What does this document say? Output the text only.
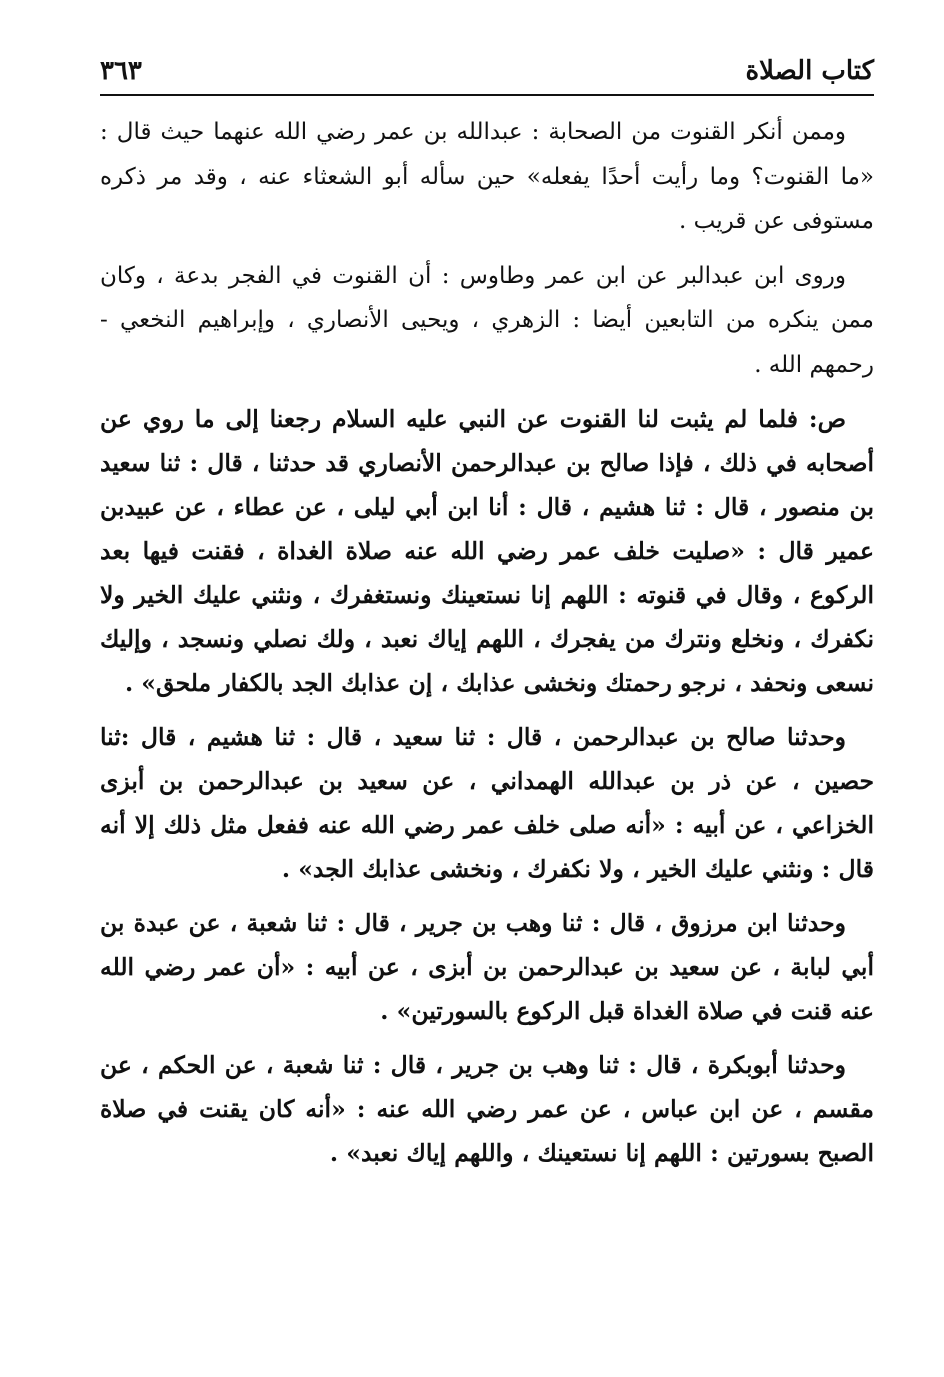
كتاب الصلاة
٣٦٣

وممن أنكر القنوت من الصحابة : عبدالله بن عمر رضي الله عنهما حيث قال : «ما القنوت؟ وما رأيت أحدًا يفعله» حين سأله أبو الشعثاء عنه ، وقد مر ذكره مستوفى عن قريب .

وروى ابن عبدالبر عن ابن عمر وطاوس : أن القنوت في الفجر بدعة ، وكان ممن ينكره من التابعين أيضا : الزهري ، ويحيى الأنصاري ، وإبراهيم النخعي - رحمهم الله .

ص: فلما لم يثبت لنا القنوت عن النبي عليه السلام رجعنا إلى ما روي عن أصحابه في ذلك ، فإذا صالح بن عبدالرحمن الأنصاري قد حدثنا ، قال : ثنا سعيد بن منصور ، قال : ثنا هشيم ، قال : أنا ابن أبي ليلى ، عن عطاء ، عن عبيدبن عمير قال : «صليت خلف عمر رضي الله عنه صلاة الغداة ، فقنت فيها بعد الركوع ، وقال في قنوته : اللهم إنا نستعينك ونستغفرك ، ونثني عليك الخير ولا نكفرك ، ونخلع ونترك من يفجرك ، اللهم إياك نعبد ، ولك نصلي ونسجد ، وإليك نسعى ونحفد ، نرجو رحمتك ونخشى عذابك ، إن عذابك الجد بالكفار ملحق» .

وحدثنا صالح بن عبدالرحمن ، قال : ثنا سعيد ، قال : ثنا هشيم ، قال :ثنا حصين ، عن ذر بن عبدالله الهمداني ، عن سعيد بن عبدالرحمن بن أبزى الخزاعي ، عن أبيه : «أنه صلى خلف عمر رضي الله عنه ففعل مثل ذلك إلا أنه قال : ونثني عليك الخير ، ولا نكفرك ، ونخشى عذابك الجد» .

وحدثنا ابن مرزوق ، قال : ثنا وهب بن جرير ، قال : ثنا شعبة ، عن عبدة بن أبي لبابة ، عن سعيد بن عبدالرحمن بن أبزى ، عن أبيه : «أن عمر رضي الله عنه قنت في صلاة الغداة قبل الركوع بالسورتين» .

وحدثنا أبوبكرة ، قال : ثنا وهب بن جرير ، قال : ثنا شعبة ، عن الحكم ، عن مقسم ، عن ابن عباس ، عن عمر رضي الله عنه : «أنه كان يقنت في صلاة الصبح بسورتين : اللهم إنا نستعينك ، واللهم إياك نعبد» .
